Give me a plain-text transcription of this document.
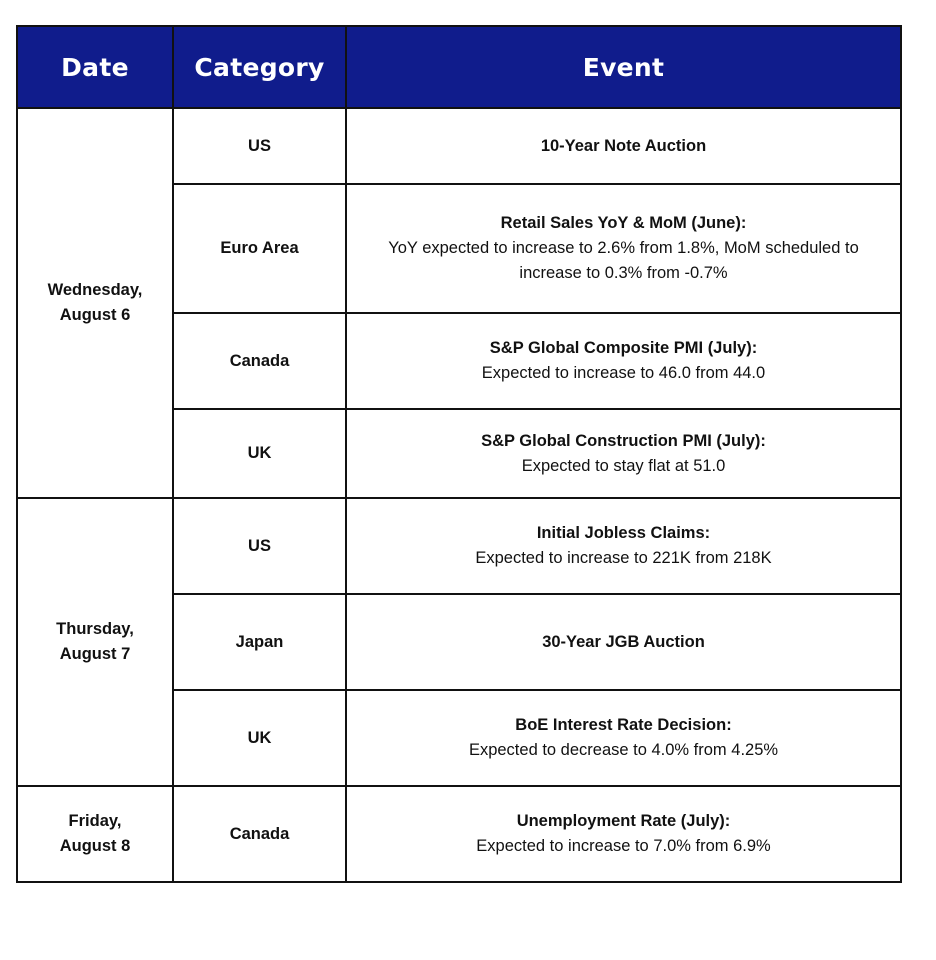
Date	Category	Event

Wednesday,
August 6	US	10-Year Note Auction

	Euro Area	Retail Sales YoY & MoM (June):
YoY expected to increase to 2.6% from 1.8%, MoM scheduled to increase to 0.3% from -0.7%

	Canada	S&P Global Composite PMI (July):
Expected to increase to 46.0 from 44.0

	UK	S&P Global Construction PMI (July):
Expected to stay flat at 51.0

Thursday,
August 7	US	Initial Jobless Claims:
Expected to increase to 221K from 218K

	Japan	30-Year JGB Auction

	UK	BoE Interest Rate Decision:
Expected to decrease to 4.0% from 4.25%

Friday,
August 8	Canada	Unemployment Rate (July):
Expected to increase to 7.0% from 6.9%
